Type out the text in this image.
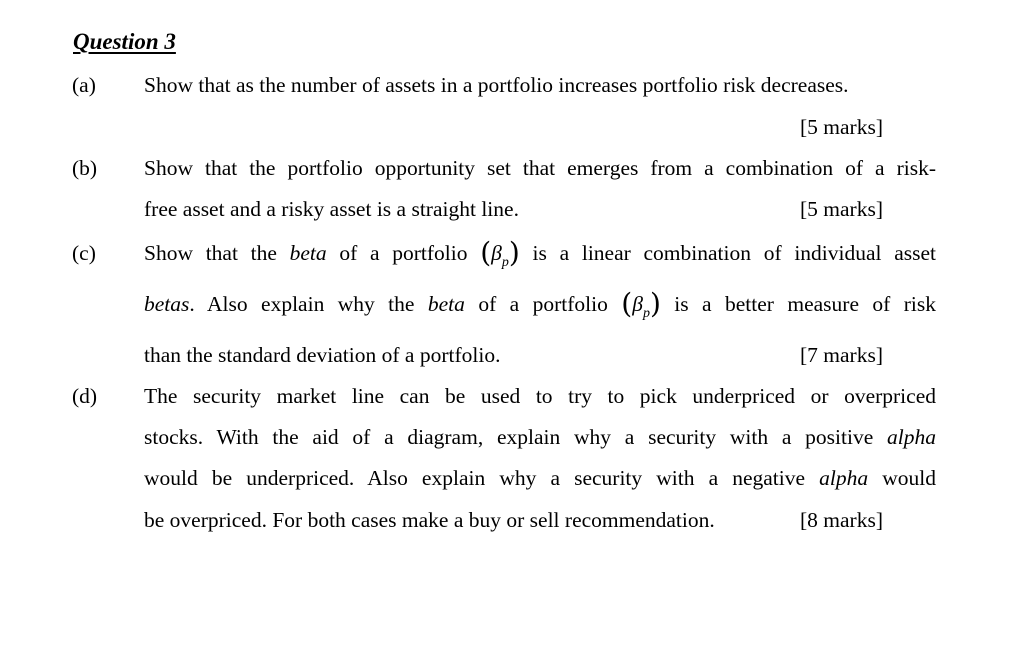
Question 3
(a) Show that as the number of assets in a portfolio increases portfolio risk decreases.
[5 marks]
(b) Show that the portfolio opportunity set that emerges from a combination of a risk-
free asset and a risky asset is a straight line.	[5 marks]
(c) Show that the beta of a portfolio $(\beta_p)$ is a linear combination of individual asset
betas. Also explain why the beta of a portfolio $(\beta_p)$ is a better measure of risk
than the standard deviation of a portfolio.	[7 marks]
(d) The security market line can be used to try to pick underpriced or overpriced
stocks. With the aid of a diagram, explain why a security with a positive alpha
would be underpriced. Also explain why a security with a negative alpha would
be overpriced. For both cases make a buy or sell recommendation.	[8 marks]
